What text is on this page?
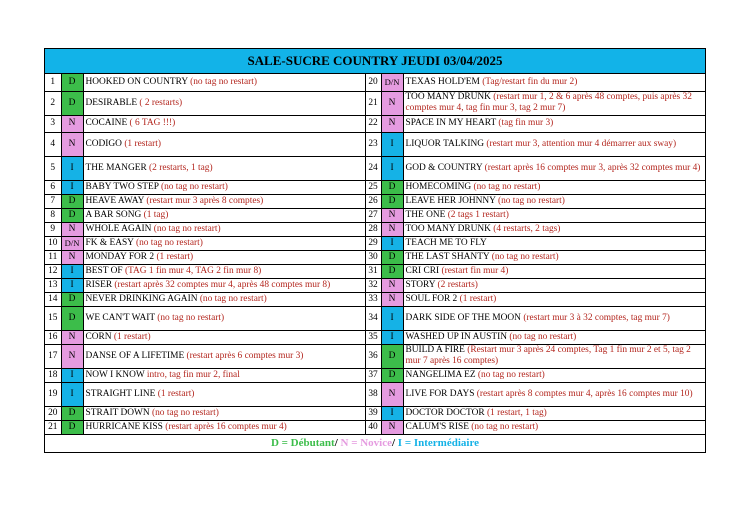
SALE-SUCRE COUNTRY JEUDI 03/04/2025
1	D	HOOKED ON COUNTRY (no tag no restart)	20	D/N	TEXAS HOLD'EM (Tag/restart fin du mur 2)
2	D	DESIRABLE ( 2 restarts)	21	N	TOO MANY DRUNK (restart mur 1, 2 & 6 après 48 comptes, puis après 32 comptes mur 4, tag fin mur 3, tag 2 mur 7)
3	N	COCAINE ( 6 TAG !!!)	22	N	SPACE IN MY HEART (tag fin mur 3)
4	N	CODIGO (1 restart)	23	I	LIQUOR TALKING (restart mur 3, attention mur 4 démarrer aux sway)
5	I	THE MANGER (2 restarts, 1 tag)	24	I	GOD & COUNTRY (restart après 16 comptes mur 3, après 32 comptes mur 4)
6	I	BABY TWO STEP (no tag no restart)	25	D	HOMECOMING (no tag no restart)
7	D	HEAVE AWAY (restart mur 3 après 8 comptes)	26	D	LEAVE HER JOHNNY (no tag no restart)
8	D	A BAR SONG (1 tag)	27	N	THE ONE (2 tags 1 restart)
9	N	WHOLE AGAIN (no tag no restart)	28	N	TOO MANY DRUNK (4 restarts, 2 tags)
10	D/N	FK & EASY (no tag no restart)	29	I	TEACH ME TO FLY
11	N	MONDAY FOR 2 (1 restart)	30	D	THE LAST SHANTY (no tag no restart)
12	I	BEST OF (TAG 1 fin mur 4, TAG 2 fin mur 8)	31	D	CRI CRI (restart fin mur 4)
13	I	RISER (restart après 32 comptes mur 4, après 48 comptes mur 8)	32	N	STORY (2 restarts)
14	D	NEVER DRINKING AGAIN (no tag no restart)	33	N	SOUL FOR 2 (1 restart)
15	D	WE CAN'T WAIT (no tag no restart)	34	I	DARK SIDE OF THE MOON (restart mur 3 à 32 comptes, tag mur 7)
16	N	CORN (1 restart)	35	I	WASHED UP IN AUSTIN (no tag no restart)
17	N	DANSE OF A LIFETIME (restart après 6 comptes mur 3)	36	D	BUILD A FIRE (Restart mur 3 après 24 comptes, Tag 1 fin mur 2 et 5, tag 2 mur 7 après 16 comptes)
18	I	NOW I KNOW intro, tag fin mur 2, final	37	D	NANGELIMA EZ (no tag no restart)
19	I	STRAIGHT LINE (1 restart)	38	N	LIVE FOR DAYS (restart après 8 comptes mur 4, après 16 comptes mur 10)
20	D	STRAIT DOWN (no tag no restart)	39	I	DOCTOR DOCTOR (1 restart, 1 tag)
21	D	HURRICANE KISS (restart après 16 comptes mur 4)	40	N	CALUM'S RISE (no tag no restart)
D = Débutant/ N = Novice/ I = Intermédiaire
